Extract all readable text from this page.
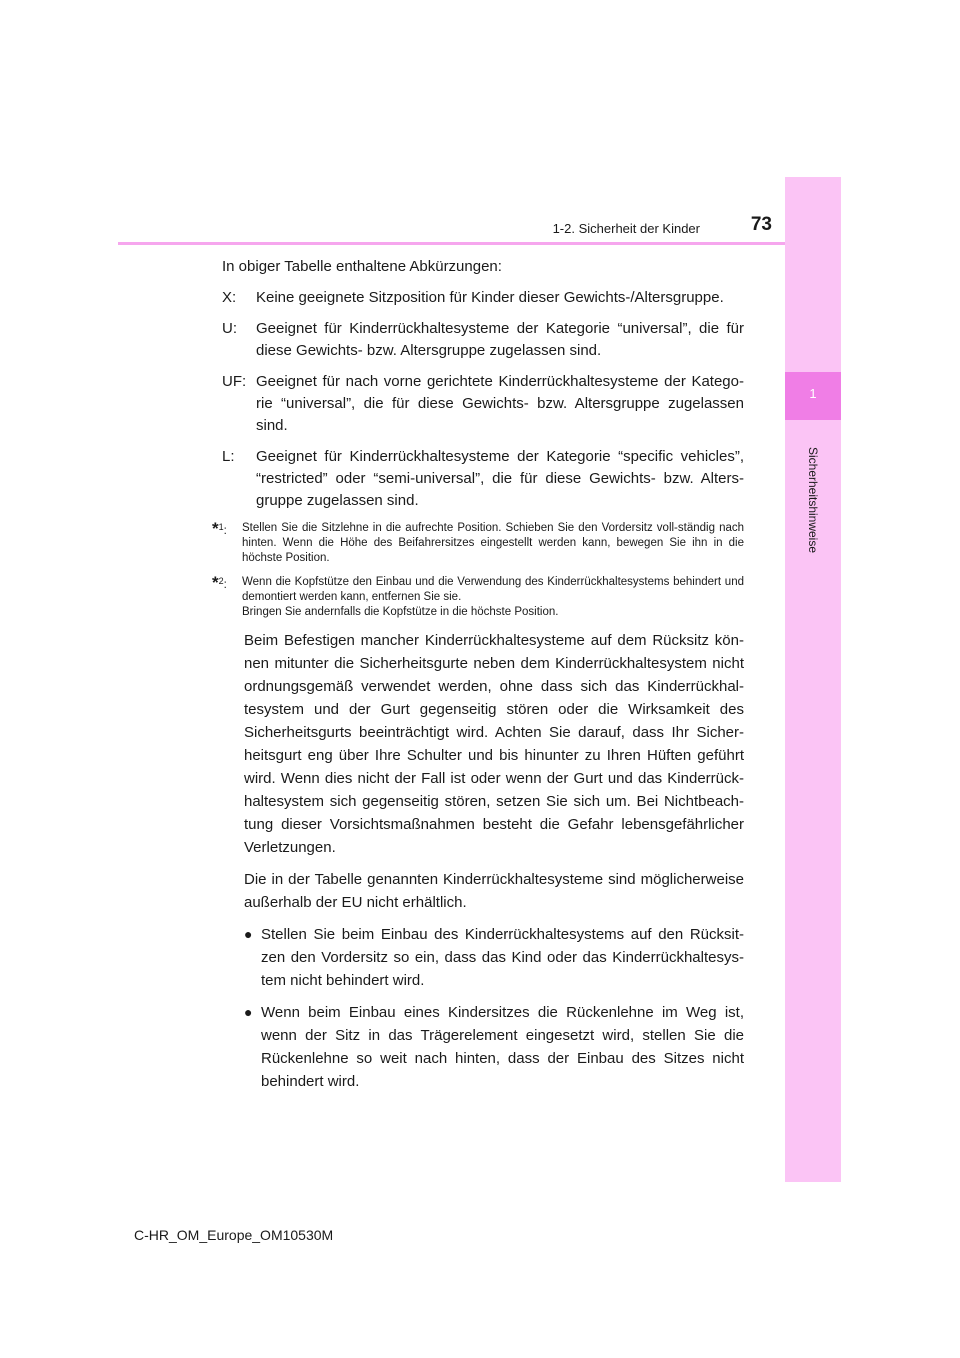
1
Sicherheitshinweise
1-2. Sicherheit der Kinder	73

In obiger Tabelle enthaltene Abkürzungen:

X:	Keine geeignete Sitzposition für Kinder dieser Gewichts-/Altersgruppe.
U:	Geeignet für Kinderrückhaltesysteme der Kategorie “universal”, die für diese Gewichts- bzw. Altersgruppe zugelassen sind.
UF: Geeignet für nach vorne gerichtete Kinderrückhaltesysteme der Katego-rie “universal”, die für diese Gewichts- bzw. Altersgruppe zugelassen sind.
L:	Geeignet für Kinderrückhaltesysteme der Kategorie “specific vehicles”, “restricted” oder “semi-universal”, die für diese Gewichts- bzw. Alters-gruppe zugelassen sind.
*$^1$:	Stellen Sie die Sitzlehne in die aufrechte Position. Schieben Sie den Vordersitz voll-ständig nach hinten. Wenn die Höhe des Beifahrersitzes eingestellt werden kann, bewegen Sie ihn in die höchste Position.
*$^2$:	Wenn die Kopfstütze den Einbau und die Verwendung des Kinderrückhaltesystems behindert und demontiert werden kann, entfernen Sie sie.
Bringen Sie andernfalls die Kopfstütze in die höchste Position.

Beim Befestigen mancher Kinderrückhaltesysteme auf dem Rücksitz kön-nen mitunter die Sicherheitsgurte neben dem Kinderrückhaltesystem nicht ordnungsgemäß verwendet werden, ohne dass sich das Kinderrückhal-tesystem und der Gurt gegenseitig stören oder die Wirksamkeit des Sicherheitsgurts beeinträchtigt wird. Achten Sie darauf, dass Ihr Sicher-heitsgurt eng über Ihre Schulter und bis hinunter zu Ihren Hüften geführt wird. Wenn dies nicht der Fall ist oder wenn der Gurt und das Kinderrück-haltesystem sich gegenseitig stören, setzen Sie sich um. Bei Nichtbeach-tung dieser Vorsichtsmaßnahmen besteht die Gefahr lebensgefährlicher Verletzungen.

Die in der Tabelle genannten Kinderrückhaltesysteme sind möglicherweise außerhalb der EU nicht erhältlich.

● Stellen Sie beim Einbau des Kinderrückhaltesystems auf den Rücksit-zen den Vordersitz so ein, dass das Kind oder das Kinderrückhaltesys-tem nicht behindert wird.
● Wenn beim Einbau eines Kindersitzes die Rückenlehne im Weg ist, wenn der Sitz in das Trägerelement eingesetzt wird, stellen Sie die Rückenlehne so weit nach hinten, dass der Einbau des Sitzes nicht behindert wird.
C-HR_OM_Europe_OM10530M
